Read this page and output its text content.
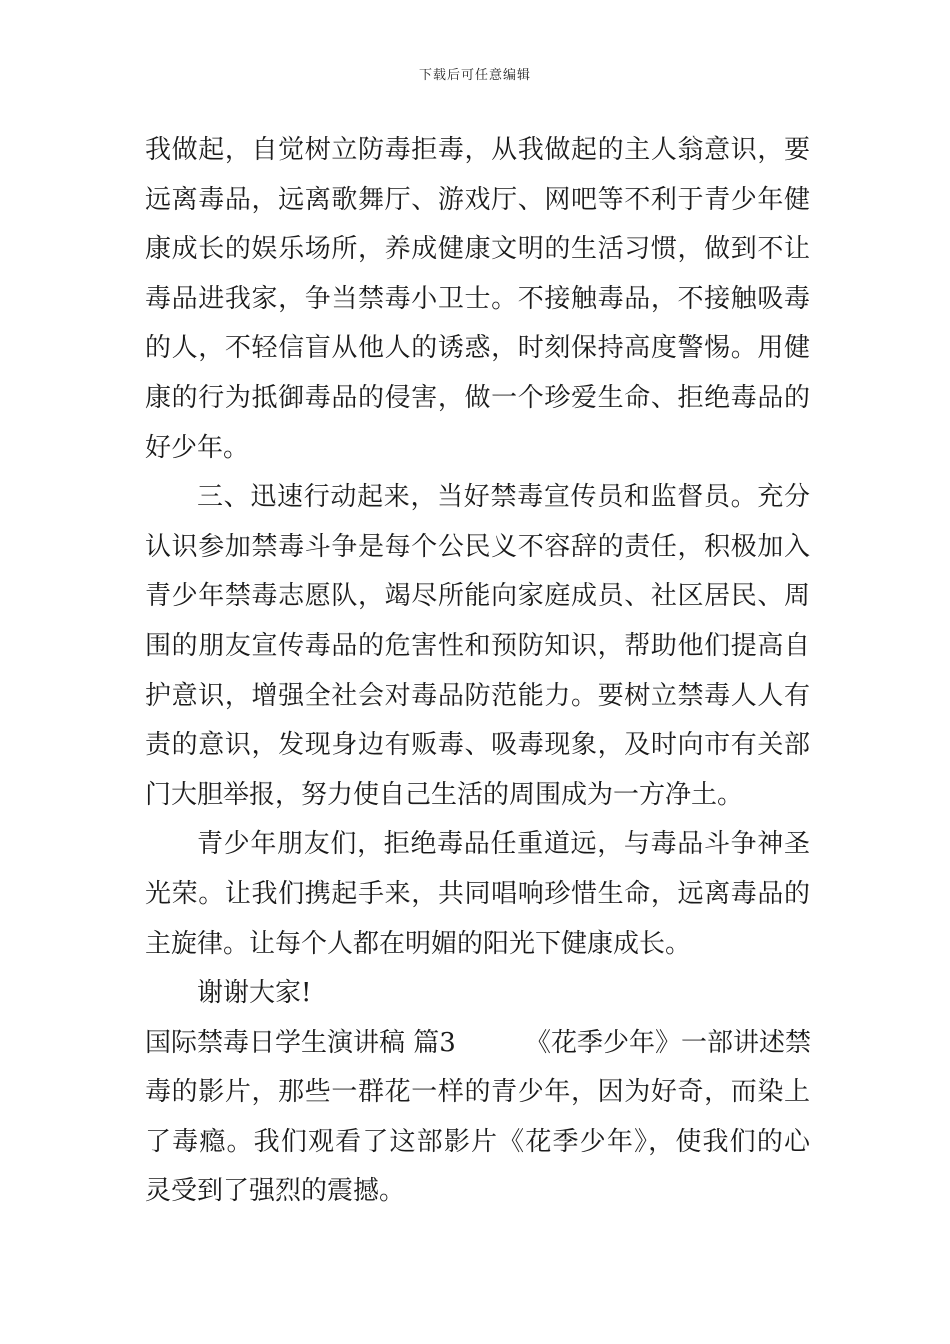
下载后可任意编辑
我做起，自觉树立防毒拒毒，从我做起的主人翁意识，要
远离毒品，远离歌舞厅、游戏厅、网吧等不利于青少年健
康成长的娱乐场所，养成健康文明的生活习惯，做到不让
毒品进我家，争当禁毒小卫士。不接触毒品，不接触吸毒
的人，不轻信盲从他人的诱惑，时刻保持高度警惕。用健
康的行为抵御毒品的侵害，做一个珍爱生命、拒绝毒品的
好少年。
三、迅速行动起来，当好禁毒宣传员和监督员。充分
认识参加禁毒斗争是每个公民义不容辞的责任，积极加入
青少年禁毒志愿队，竭尽所能向家庭成员、社区居民、周
围的朋友宣传毒品的危害性和预防知识，帮助他们提高自
护意识，增强全社会对毒品防范能力。要树立禁毒人人有
责的意识，发现身边有贩毒、吸毒现象，及时向市有关部
门大胆举报，努力使自己生活的周围成为一方净土。
青少年朋友们，拒绝毒品任重道远，与毒品斗争神圣
光荣。让我们携起手来，共同唱响珍惜生命，远离毒品的
主旋律。让每个人都在明媚的阳光下健康成长。
谢谢大家!
国际禁毒日学生演讲稿 篇3	《花季少年》一部讲述禁
毒的影片，那些一群花一样的青少年，因为好奇，而染上
了毒瘾。我们观看了这部影片《花季少年》，使我们的心
灵受到了强烈的震撼。
